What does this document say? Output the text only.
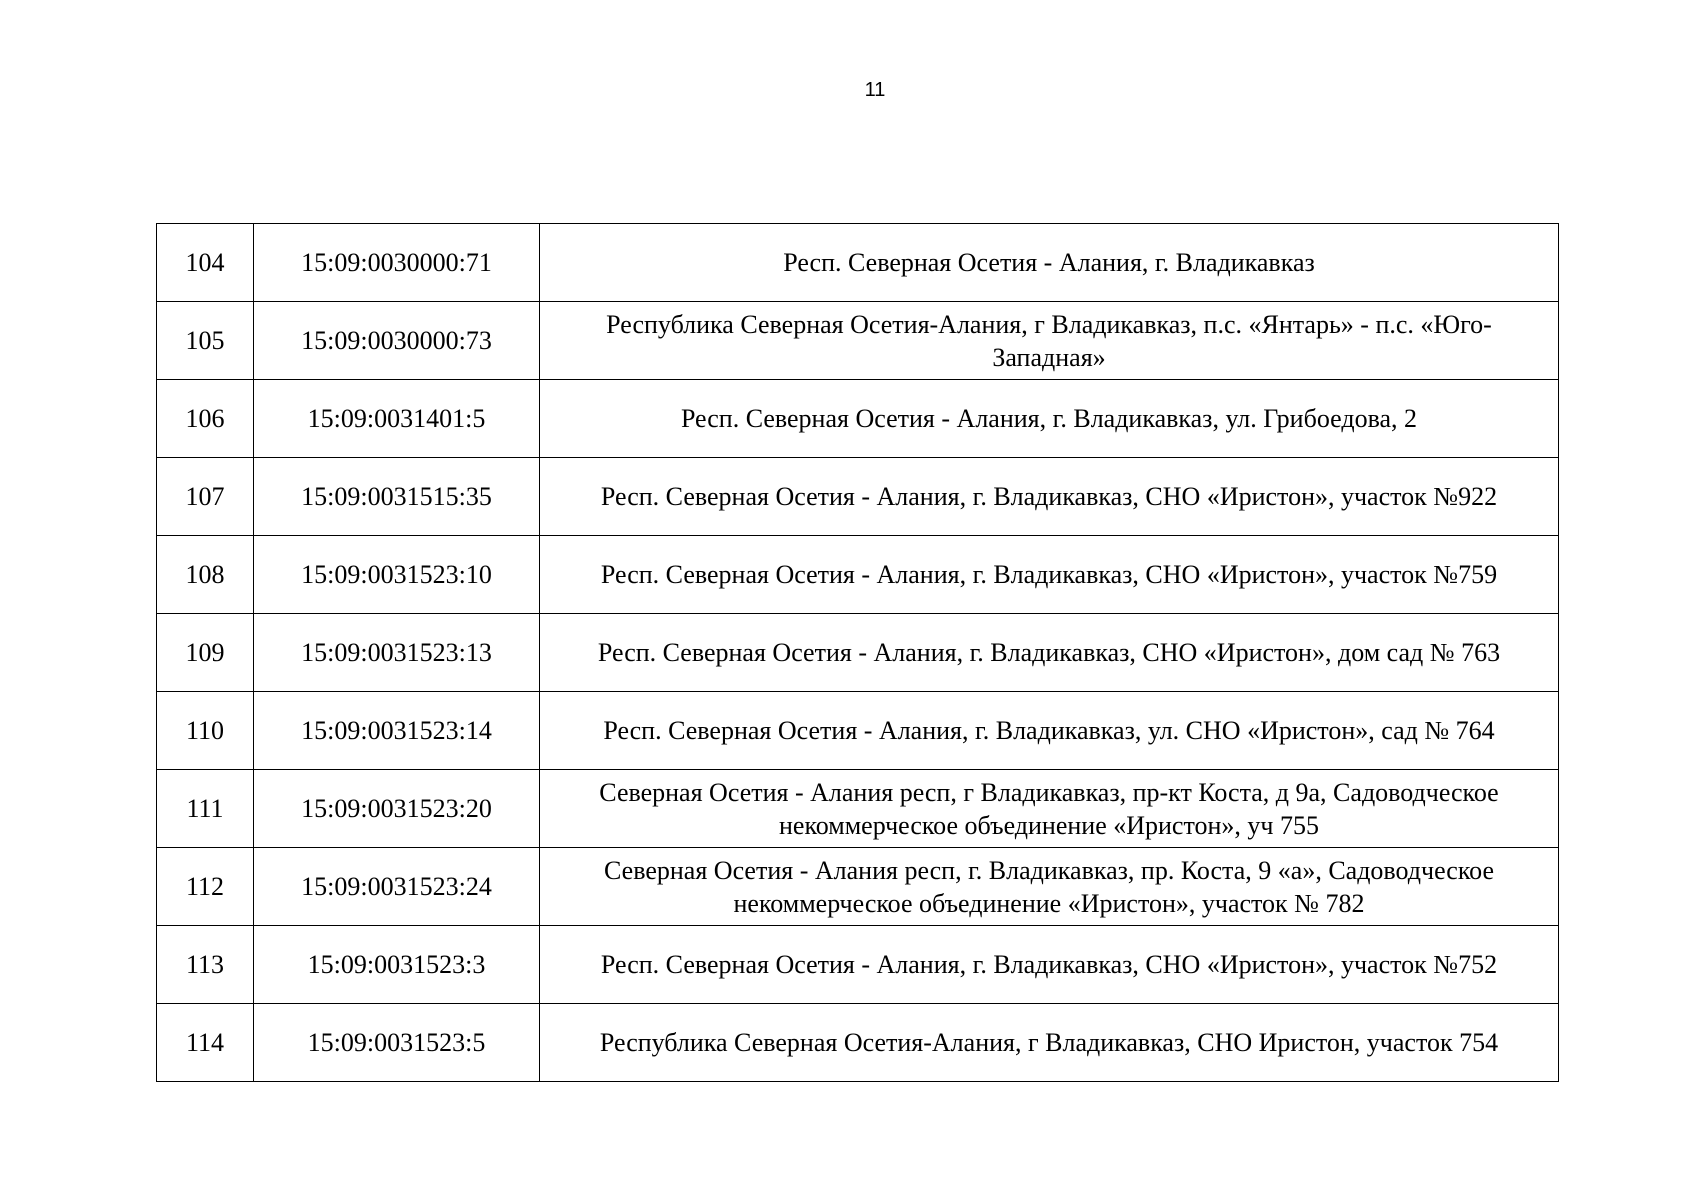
11
104	15:09:0030000:71	Респ. Северная Осетия - Алания, г. Владикавказ
105	15:09:0030000:73	Республика Северная Осетия-Алания, г Владикавказ, п.с. «Янтарь» - п.с. «Юго-Западная»
106	15:09:0031401:5	Респ. Северная Осетия - Алания, г. Владикавказ, ул. Грибоедова, 2
107	15:09:0031515:35	Респ. Северная Осетия - Алания, г. Владикавказ, СНО «Иристон», участок №922
108	15:09:0031523:10	Респ. Северная Осетия - Алания, г. Владикавказ, СНО «Иристон», участок №759
109	15:09:0031523:13	Респ. Северная Осетия - Алания, г. Владикавказ, СНО «Иристон», дом сад № 763
110	15:09:0031523:14	Респ. Северная Осетия - Алания, г. Владикавказ, ул. СНО «Иристон», сад № 764
111	15:09:0031523:20	Северная Осетия - Алания респ, г Владикавказ, пр-кт Коста, д 9а, Садоводческое некоммерческое объединение «Иристон», уч 755
112	15:09:0031523:24	Северная Осетия - Алания респ, г. Владикавказ, пр. Коста, 9 «а», Садоводческое некоммерческое объединение «Иристон», участок № 782
113	15:09:0031523:3	Респ. Северная Осетия - Алания, г. Владикавказ, СНО «Иристон», участок №752
114	15:09:0031523:5	Республика Северная Осетия-Алания, г Владикавказ, СНО Иристон, участок 754
